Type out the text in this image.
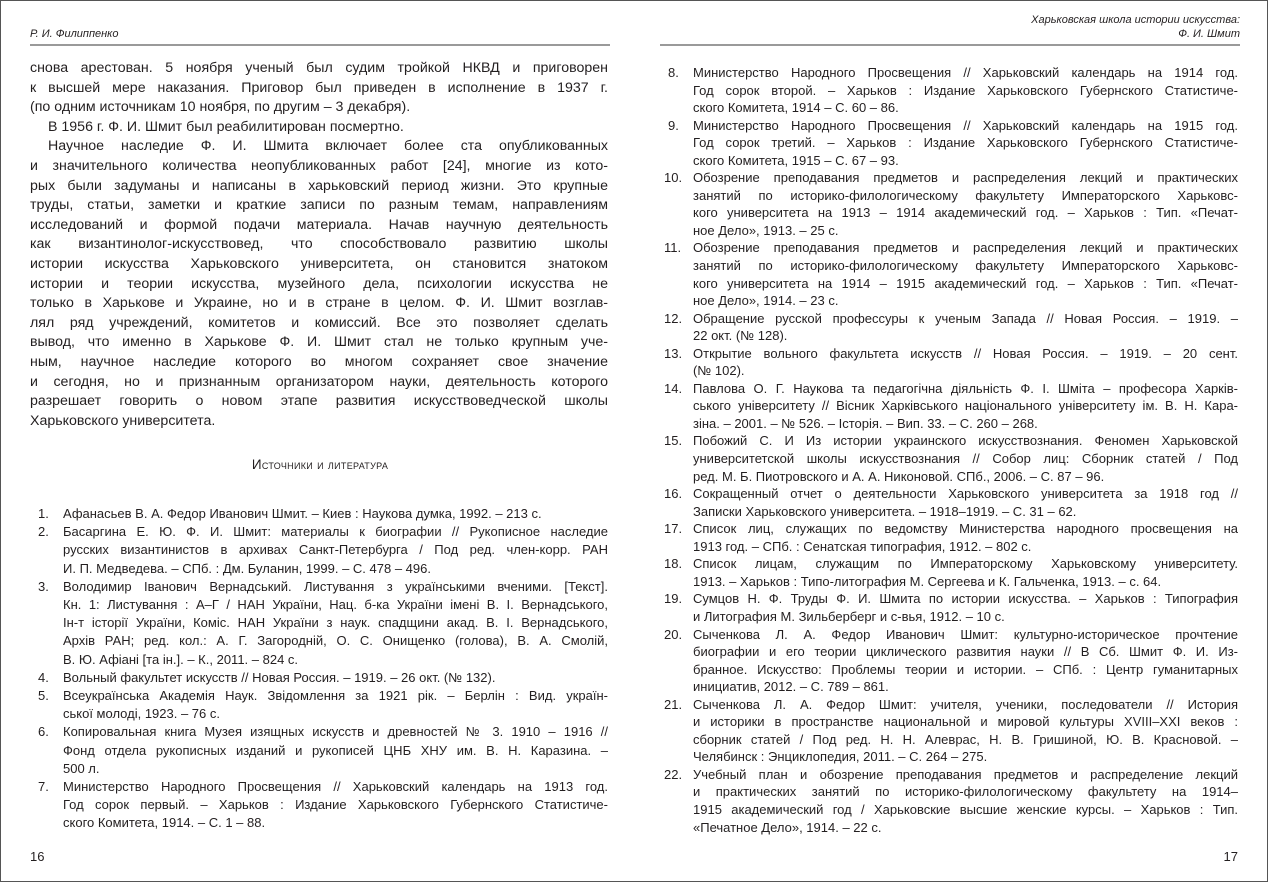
Р. И. Филиппенко
снова арестован. 5 ноября ученый был судим тройкой НКВД и приговорен
к высшей мере наказания. Приговор был приведен в исполнение в 1937 г.
(по одним источникам 10 ноября, по другим – 3 декабря).
В 1956 г. Ф. И. Шмит был реабилитирован посмертно.
Научное наследие Ф. И. Шмита включает более ста опубликованных
и значительного количества неопубликованных работ [24], многие из кото-
рых были задуманы и написаны в харьковский период жизни. Это крупные
труды, статьи, заметки и краткие записи по разным темам, направлениям
исследований и формой подачи материала. Начав научную деятельность
как византинолог-искусствовед, что способствовало развитию школы
истории искусства Харьковского университета, он становится знатоком
истории и теории искусства, музейного дела, психологии искусства не
только в Харькове и Украине, но и в стране в целом. Ф. И. Шмит возглав-
лял ряд учреждений, комитетов и комиссий. Все это позволяет сделать
вывод, что именно в Харькове Ф. И. Шмит стал не только крупным уче-
ным, научное наследие которого во многом сохраняет свое значение
и сегодня, но и признанным организатором науки, деятельность которого
разрешает говорить о новом этапе развития искусствоведческой школы
Харьковского университета.
Источники и литература
1. Афанасьев В. А. Федор Иванович Шмит. – Киев : Наукова думка, 1992. – 213 с.
2. Басаргина Е. Ю. Ф. И. Шмит: материалы к биографии // Рукописное наследие
русских византинистов в архивах Санкт-Петербурга / Под ред. член-корр. РАН
И. П. Медведева. – СПб. : Дм. Буланин, 1999. – С. 478 – 496.
3. Володимир Іванович Вернадський. Листування з українськими вченими. [Текст].
Кн. 1: Листування : А–Г / НАН України, Нац. б-ка України імені В. І. Вернадського,
Ін-т історії України, Коміс. НАН України з наук. спадщини акад. В. І. Вернадського,
Архів РАН; ред. кол.: А. Г. Загородній, О. С. Онищенко (голова), В. А. Смолій,
В. Ю. Афіані [та ін.]. – К., 2011. – 824 с.
4. Вольный факультет искусств // Новая Россия. – 1919. – 26 окт. (№ 132).
5. Всеукраїнська Академія Наук. Звідомлення за 1921 рік. – Берлін : Вид. україн-
ської молоді, 1923. – 76 с.
6. Копировальная книга Музея изящных искусств и древностей № 3. 1910 – 1916 //
Фонд отдела рукописных изданий и рукописей ЦНБ ХНУ им. В. Н. Каразина. –
500 л.
7. Министерство Народного Просвещения // Харьковский календарь на 1913 год.
Год сорок первый. – Харьков : Издание Харьковского Губернского Статистиче-
ского Комитета, 1914. – С. 1 – 88.
16
Харьковская школа истории искусства:
Ф. И. Шмит
8. Министерство Народного Просвещения // Харьковский календарь на 1914 год.
Год сорок второй. – Харьков : Издание Харьковского Губернского Статистиче-
ского Комитета, 1914 – С. 60 – 86.
9. Министерство Народного Просвещения // Харьковский календарь на 1915 год.
Год сорок третий. – Харьков : Издание Харьковского Губернского Статистиче-
ского Комитета, 1915 – С. 67 – 93.
10. Обозрение преподавания предметов и распределения лекций и практических
занятий по историко-филологическому факультету Императорского Харьковс-
кого университета на 1913 – 1914 академический год. – Харьков : Тип. «Печат-
ное Дело», 1913. – 25 с.
11. Обозрение преподавания предметов и распределения лекций и практических
занятий по историко-филологическому факультету Императорского Харьковс-
кого университета на 1914 – 1915 академический год. – Харьков : Тип. «Печат-
ное Дело», 1914. – 23 с.
12. Обращение русской профессуры к ученым Запада // Новая Россия. – 1919. –
22 окт. (№ 128).
13. Открытие вольного факультета искусств // Новая Россия. – 1919. – 20 сент.
(№ 102).
14. Павлова О. Г. Наукова та педагогічна діяльність Ф. І. Шміта – професора Харків-
ського університету // Вісник Харківського національного університету ім. В. Н. Кара-
зіна. – 2001. – № 526. – Історія. – Вип. 33. – С. 260 – 268.
15. Побожий С. И Из истории украинского искусствознания. Феномен Харьковской
университетской школы искусствознания // Собор лиц: Сборник статей / Под
ред. М. Б. Пиотровского и А. А. Никоновой. СПб., 2006. – С. 87 – 96.
16. Сокращенный отчет о деятельности Харьковского университета за 1918 год //
Записки Харьковского университета. – 1918–1919. – С. 31 – 62.
17. Список лиц, служащих по ведомству Министерства народного просвещения на
1913 год. – СПб. : Сенатская типография, 1912. – 802 с.
18. Список лицам, служащим по Императорскому Харьковскому университету.
1913. – Харьков : Типо-литография М. Сергеева и К. Гальченка, 1913. – с. 64.
19. Сумцов Н. Ф. Труды Ф. И. Шмита по истории искусства. – Харьков : Типография
и Литография М. Зильберберг и с-вья, 1912. – 10 с.
20. Сыченкова Л. А. Федор Иванович Шмит: культурно-историческое прочтение
биографии и его теории циклического развития науки // В Сб. Шмит Ф. И. Из-
бранное. Искусство: Проблемы теории и истории. – СПб. : Центр гуманитарных
инициатив, 2012. – С. 789 – 861.
21. Сыченкова Л. А. Федор Шмит: учителя, ученики, последователи // История
и историки в пространстве национальной и мировой культуры XVIII–XXI веков :
сборник статей / Под ред. Н. Н. Алеврас, Н. В. Гришиной, Ю. В. Красновой. –
Челябинск : Энциклопедия, 2011. – С. 264 – 275.
22. Учебный план и обозрение преподавания предметов и распределение лекций
и практических занятий по историко-филологическому факультету на 1914–
1915 академический год / Харьковские высшие женские курсы. – Харьков : Тип.
«Печатное Дело», 1914. – 22 с.
17
